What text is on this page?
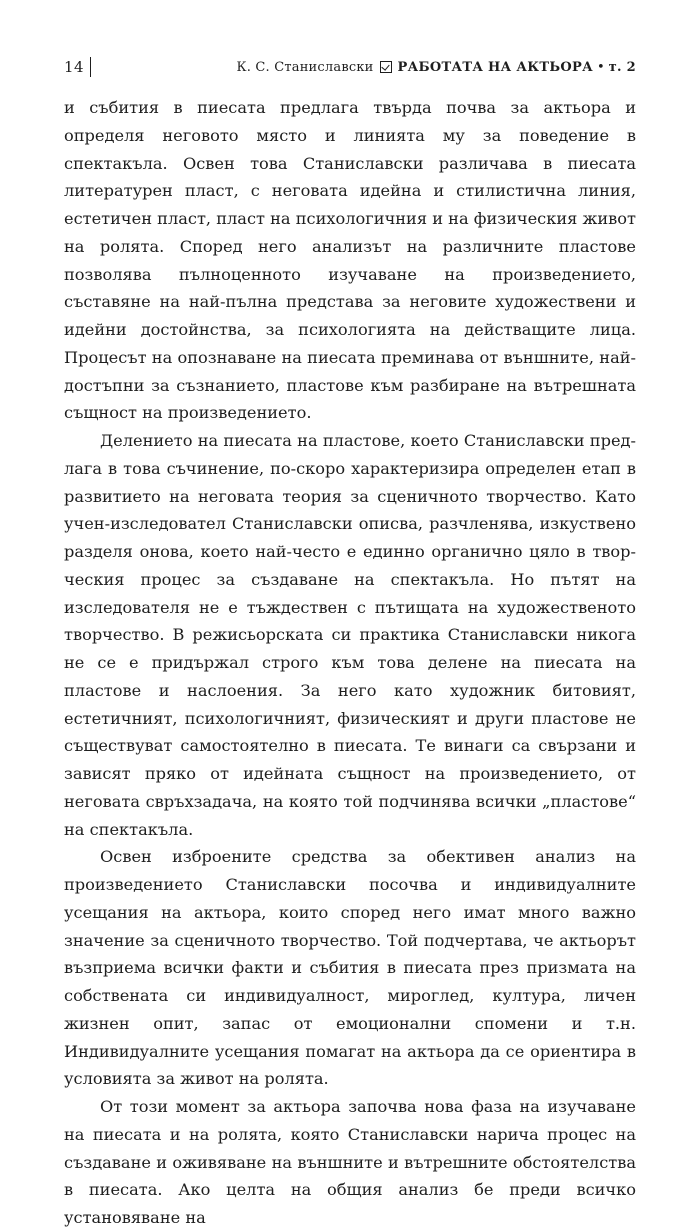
14	К. С. Станиславски РАБОТАТА НА АКТЬОРА • т. 2

и събития в пиесата предлага твърда почва за актьора и определя неговото място и линията му за поведение в спектакъла. Освен това Станиславски различава в пиесата литературен пласт, с неговата идейна и стилистична линия, естетичен пласт, пласт на психологичния и на физическия живот на ролята. Според него анализът на различните пластове позволява пълноценното изучаване на произведението, съставяне на най-пълна представа за неговите художествени и идейни достойнства, за психологията на действащите лица. Процесът на опознаване на пиесата преминава от външните, найдостъпни за съзнанието, пластове към разбиране на вътрешната същност на произведението.

Делението на пиесата на пластове, което Станиславски предлага в това съчинение, по-скоро характеризира определен етап в развитието на неговата теория за сценичното творчество. Като учен-изследовател Станиславски описва, разчленява, изкуствено разделя онова, което най-често е единно органично цяло в творческия процес за създаване на спектакъла. Но пътят на изследователя не е тъждествен с пътищата на художественото творчество. В режисьорската си практика Станиславски никога не се е придържал строго към това делене на пиесата на пластове и наслоения. За него като художник битовият, естетичният, психологичният, физическият и други пластове не съществуват самостоятелно в пиесата. Те винаги са свързани и зависят пряко от идейната същност на произведението, от неговата свръхзадача, на която той подчинява всички „пластове“ на спектакъла.

Освен изброените средства за обективен анализ на произведението Станиславски посочва и индивидуалните усещания на актьора, които според него имат много важно значение за сценичното творчество. Той подчертава, че актьорът възприема всички факти и събития в пиесата през призмата на собствената си индивидуалност, мироглед, култура, личен жизнен опит, запас от емоционални спомени и т.н. Индивидуалните усещания помагат на актьора да се ориентира в условията за живот на ролята.

От този момент за актьора започва нова фаза на изучаване на пиесата и на ролята, която Станиславски нарича процес на създаване и оживяване на външните и вътрешните обстоятелства в пиесата. Ако целта на общия анализ бе преди всичко установяване на
